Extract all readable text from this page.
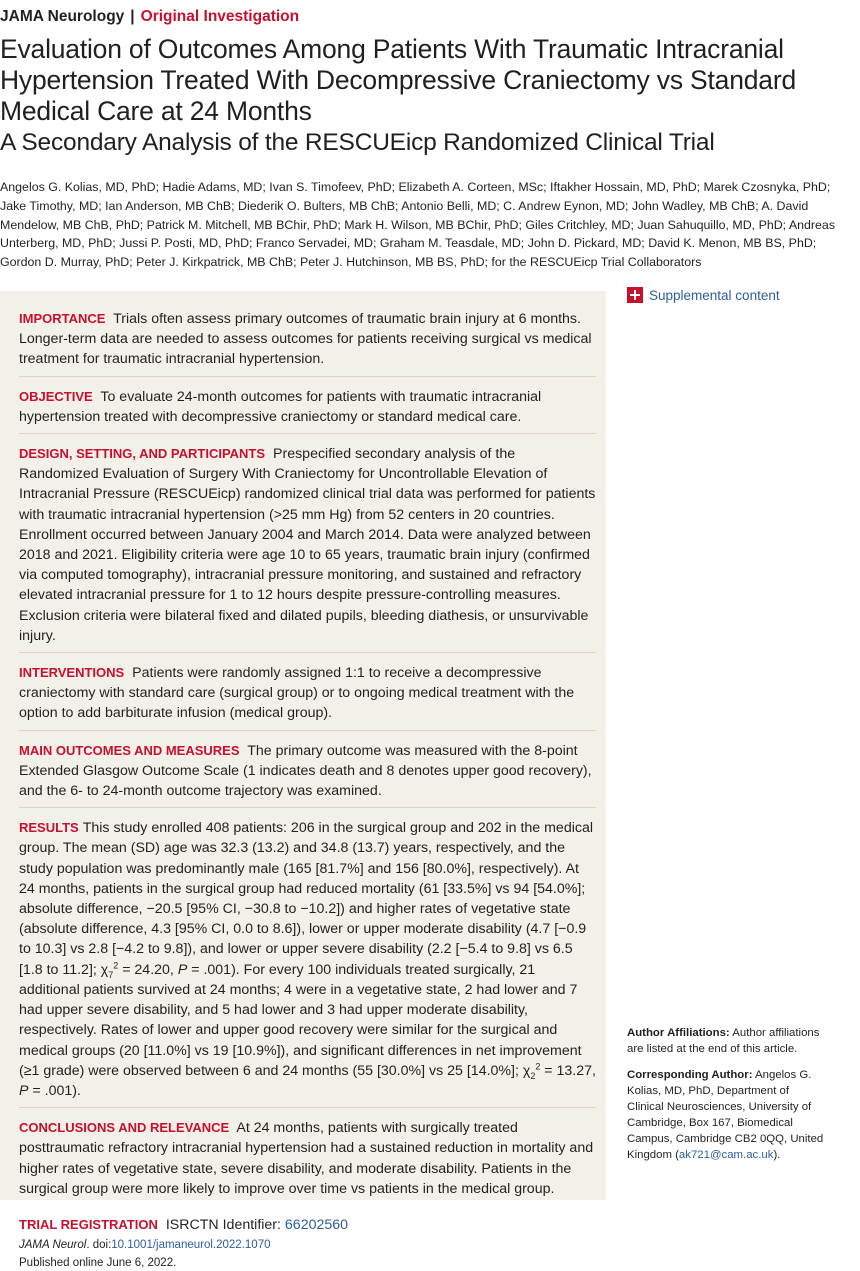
JAMA Neurology | Original Investigation
Evaluation of Outcomes Among Patients With Traumatic Intracranial Hypertension Treated With Decompressive Craniectomy vs Standard Medical Care at 24 Months
A Secondary Analysis of the RESCUEicp Randomized Clinical Trial

Angelos G. Kolias, MD, PhD; Hadie Adams, MD; Ivan S. Timofeev, PhD; Elizabeth A. Corteen, MSc; Iftakher Hossain, MD, PhD; Marek Czosnyka, PhD; Jake Timothy, MD; Ian Anderson, MB ChB; Diederik O. Bulters, MB ChB; Antonio Belli, MD; C. Andrew Eynon, MD; John Wadley, MB ChB; A. David Mendelow, MB ChB, PhD; Patrick M. Mitchell, MB BChir, PhD; Mark H. Wilson, MB BChir, PhD; Giles Critchley, MD; Juan Sahuquillo, MD, PhD; Andreas Unterberg, MD, PhD; Jussi P. Posti, MD, PhD; Franco Servadei, MD; Graham M. Teasdale, MD; John D. Pickard, MD; David K. Menon, MB BS, PhD; Gordon D. Murray, PhD; Peter J. Kirkpatrick, MB ChB; Peter J. Hutchinson, MB BS, PhD; for the RESCUEicp Trial Collaborators

IMPORTANCE Trials often assess primary outcomes of traumatic brain injury at 6 months. Longer-term data are needed to assess outcomes for patients receiving surgical vs medical treatment for traumatic intracranial hypertension.
OBJECTIVE To evaluate 24-month outcomes for patients with traumatic intracranial hypertension treated with decompressive craniectomy or standard medical care.
DESIGN, SETTING, AND PARTICIPANTS Prespecified secondary analysis of the Randomized Evaluation of Surgery With Craniectomy for Uncontrollable Elevation of Intracranial Pressure (RESCUEicp) randomized clinical trial data was performed for patients with traumatic intracranial hypertension (>25 mm Hg) from 52 centers in 20 countries. Enrollment occurred between January 2004 and March 2014. Data were analyzed between 2018 and 2021. Eligibility criteria were age 10 to 65 years, traumatic brain injury (confirmed via computed tomography), intracranial pressure monitoring, and sustained and refractory elevated intracranial pressure for 1 to 12 hours despite pressure-controlling measures. Exclusion criteria were bilateral fixed and dilated pupils, bleeding diathesis, or unsurvivable injury.
INTERVENTIONS Patients were randomly assigned 1:1 to receive a decompressive craniectomy with standard care (surgical group) or to ongoing medical treatment with the option to add barbiturate infusion (medical group).
MAIN OUTCOMES AND MEASURES The primary outcome was measured with the 8-point Extended Glasgow Outcome Scale (1 indicates death and 8 denotes upper good recovery), and the 6- to 24-month outcome trajectory was examined.
RESULTS This study enrolled 408 patients: 206 in the surgical group and 202 in the medical group. The mean (SD) age was 32.3 (13.2) and 34.8 (13.7) years, respectively, and the study population was predominantly male (165 [81.7%] and 156 [80.0%], respectively). At 24 months, patients in the surgical group had reduced mortality (61 [33.5%] vs 94 [54.0%]; absolute difference, −20.5 [95% CI, −30.8 to −10.2]) and higher rates of vegetative state (absolute difference, 4.3 [95% CI, 0.0 to 8.6]), lower or upper moderate disability (4.7 [−0.9 to 10.3] vs 2.8 [−4.2 to 9.8]), and lower or upper severe disability (2.2 [−5.4 to 9.8] vs 6.5 [1.8 to 11.2]; $\chi_7^2 = 24.20$, P = .001). For every 100 individuals treated surgically, 21 additional patients survived at 24 months; 4 were in a vegetative state, 2 had lower and 7 had upper severe disability, and 5 had lower and 3 had upper moderate disability, respectively. Rates of lower and upper good recovery were similar for the surgical and medical groups (20 [11.0%] vs 19 [10.9%]), and significant differences in net improvement (≥1 grade) were observed between 6 and 24 months (55 [30.0%] vs 25 [14.0%]; $\chi_2^2 = 13.27$, P = .001).
CONCLUSIONS AND RELEVANCE At 24 months, patients with surgically treated posttraumatic refractory intracranial hypertension had a sustained reduction in mortality and higher rates of vegetative state, severe disability, and moderate disability. Patients in the surgical group were more likely to improve over time vs patients in the medical group.
TRIAL REGISTRATION ISRCTN Identifier: 66202560
JAMA Neurol. doi:10.1001/jamaneurol.2022.1070
Published online June 6, 2022.
Supplemental content

Author Affiliations: Author affiliations are listed at the end of this article.

Corresponding Author: Angelos G. Kolias, MD, PhD, Department of Clinical Neurosciences, University of Cambridge, Box 167, Biomedical Campus, Cambridge CB2 0QQ, United Kingdom (ak721@cam.ac.uk).
